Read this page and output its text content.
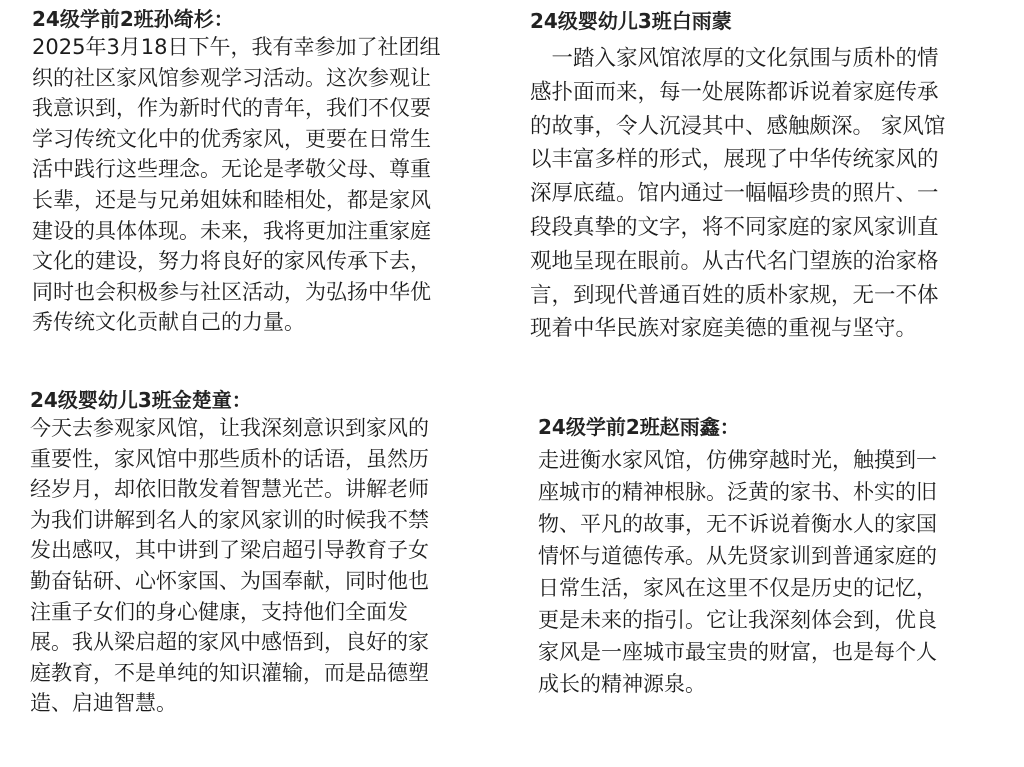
24级学前2班孙绮杉：

2025年3月18日下午，我有幸参加了社团组

织的社区家风馆参观学习活动。这次参观让

我意识到，作为新时代的青年，我们不仅要

学习传统文化中的优秀家风，更要在日常生

活中践行这些理念。无论是孝敬父母、尊重

长辈，还是与兄弟姐妹和睦相处，都是家风

建设的具体体现。未来，我将更加注重家庭

文化的建设，努力将良好的家风传承下去，

同时也会积极参与社区活动，为弘扬中华优

秀传统文化贡献自己的力量。

24级婴幼儿3班金楚童：

今天去参观家风馆，让我深刻意识到家风的

重要性，家风馆中那些质朴的话语，虽然历

经岁月，却依旧散发着智慧光芒。讲解老师

为我们讲解到名人的家风家训的时候我不禁

发出感叹，其中讲到了梁启超引导教育子女

勤奋钻研、心怀家国、为国奉献，同时他也

注重子女们的身心健康，支持他们全面发

展。我从梁启超的家风中感悟到，良好的家

庭教育，不是单纯的知识灌输，而是品德塑

造、启迪智慧。

24级婴幼儿3班白雨蒙

　一踏入家风馆浓厚的文化氛围与质朴的情

感扑面而来，每一处展陈都诉说着家庭传承

的故事，令人沉浸其中、感触颇深。 家风馆

以丰富多样的形式，展现了中华传统家风的

深厚底蕴。馆内通过一幅幅珍贵的照片、一

段段真挚的文字，将不同家庭的家风家训直

观地呈现在眼前。从古代名门望族的治家格

言，到现代普通百姓的质朴家规，无一不体

现着中华民族对家庭美德的重视与坚守。

24级学前2班赵雨鑫：

走进衡水家风馆，仿佛穿越时光，触摸到一

座城市的精神根脉。泛黄的家书、朴实的旧

物、平凡的故事，无不诉说着衡水人的家国

情怀与道德传承。从先贤家训到普通家庭的

日常生活，家风在这里不仅是历史的记忆，

更是未来的指引。它让我深刻体会到，优良

家风是一座城市最宝贵的财富，也是每个人

成长的精神源泉。
